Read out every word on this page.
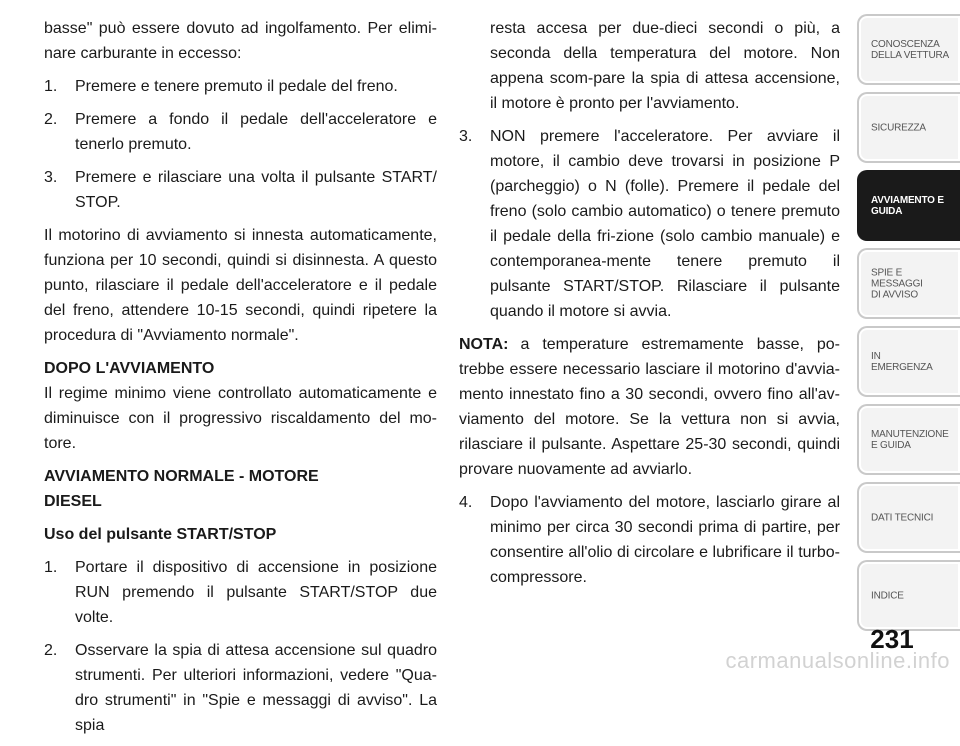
basse" può essere dovuto ad ingolfamento. Per elimi-nare carburante in eccesso:

1. Premere e tenere premuto il pedale del freno.
2. Premere a fondo il pedale dell'acceleratore e tenerlo premuto.
3. Premere e rilasciare una volta il pulsante START/ STOP.

Il motorino di avviamento si innesta automaticamente, funziona per 10 secondi, quindi si disinnesta. A questo punto, rilasciare il pedale dell'acceleratore e il pedale del freno, attendere 10-15 secondi, quindi ripetere la procedura di "Avviamento normale".

DOPO L'AVVIAMENTO

Il regime minimo viene controllato automaticamente e diminuisce con il progressivo riscaldamento del mo-tore.

AVVIAMENTO NORMALE - MOTORE

DIESEL

Uso del pulsante START/STOP

1. Portare il dispositivo di accensione in posizione RUN premendo il pulsante START/STOP due volte.
2. Osservare la spia di attesa accensione sul quadro strumenti. Per ulteriori informazioni, vedere "Qua-dro strumenti" in "Spie e messaggi di avviso". La spia

resta accesa per due-dieci secondi o più, a seconda della temperatura del motore. Non appena scom-pare la spia di attesa accensione, il motore è pronto per l'avviamento.

3. NON premere l'acceleratore. Per avviare il motore, il cambio deve trovarsi in posizione P (parcheggio) o N (folle). Premere il pedale del freno (solo cambio automatico) o tenere premuto il pedale della fri-zione (solo cambio manuale) e contemporanea-mente tenere premuto il pulsante START/STOP. Rilasciare il pulsante quando il motore si avvia.

NOTA: a temperature estremamente basse, po-trebbe essere necessario lasciare il motorino d'avvia-mento innestato fino a 30 secondi, ovvero fino all'av-viamento del motore. Se la vettura non si avvia, rilasciare il pulsante. Aspettare 25-30 secondi, quindi provare nuovamente ad avviarlo.

4. Dopo l'avviamento del motore, lasciarlo girare al minimo per circa 30 secondi prima di partire, per consentire all'olio di circolare e lubrificare il turbo-compressore.
CONOSCENZA
DELLA VETTURA
SICUREZZA
AVVIAMENTO E
GUIDA
SPIE E
MESSAGGI
DI AVVISO
IN
EMERGENZA
MANUTENZIONE
E GUIDA
DATI TECNICI
INDICE
231
carmanualsonline.info
